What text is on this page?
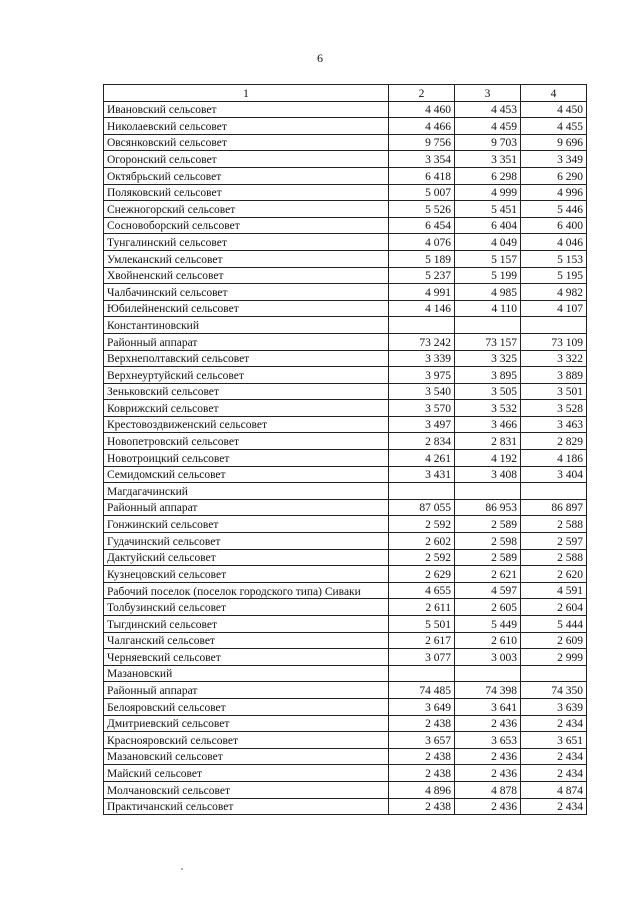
6
1	2	3	4
Ивановский сельсовет	4 460	4 453	4 450
Николаевский сельсовет	4 466	4 459	4 455
Овсянковский сельсовет	9 756	9 703	9 696
Огоронский сельсовет	3 354	3 351	3 349
Октябрьский сельсовет	6 418	6 298	6 290
Поляковский сельсовет	5 007	4 999	4 996
Снежногорский сельсовет	5 526	5 451	5 446
Сосновоборский сельсовет	6 454	6 404	6 400
Тунгалинский сельсовет	4 076	4 049	4 046
Умлеканский сельсовет	5 189	5 157	5 153
Хвойненский сельсовет	5 237	5 199	5 195
Чалбачинский сельсовет	4 991	4 985	4 982
Юбилейненский сельсовет	4 146	4 110	4 107
Константиновский			
Районный аппарат	73 242	73 157	73 109
Верхнеполтавский сельсовет	3 339	3 325	3 322
Верхнеуртуйский сельсовет	3 975	3 895	3 889
Зеньковский сельсовет	3 540	3 505	3 501
Коврижский сельсовет	3 570	3 532	3 528
Крестовоздвиженский сельсовет	3 497	3 466	3 463
Новопетровский сельсовет	2 834	2 831	2 829
Новотроицкий сельсовет	4 261	4 192	4 186
Семидомский сельсовет	3 431	3 408	3 404
Магдагачинский			
Районный аппарат	87 055	86 953	86 897
Гонжинский сельсовет	2 592	2 589	2 588
Гудачинский сельсовет	2 602	2 598	2 597
Дактуйский сельсовет	2 592	2 589	2 588
Кузнецовский сельсовет	2 629	2 621	2 620
Рабочий поселок (поселок городского типа) Сиваки	4 655	4 597	4 591
Толбузинский сельсовет	2 611	2 605	2 604
Тыгдинский сельсовет	5 501	5 449	5 444
Чалганский сельсовет	2 617	2 610	2 609
Черняевский сельсовет	3 077	3 003	2 999
Мазановский			
Районный аппарат	74 485	74 398	74 350
Белояровский сельсовет	3 649	3 641	3 639
Дмитриевский сельсовет	2 438	2 436	2 434
Краснояровский сельсовет	3 657	3 653	3 651
Мазановский сельсовет	2 438	2 436	2 434
Майский сельсовет	2 438	2 436	2 434
Молчановский сельсовет	4 896	4 878	4 874
Практичанский сельсовет	2 438	2 436	2 434
